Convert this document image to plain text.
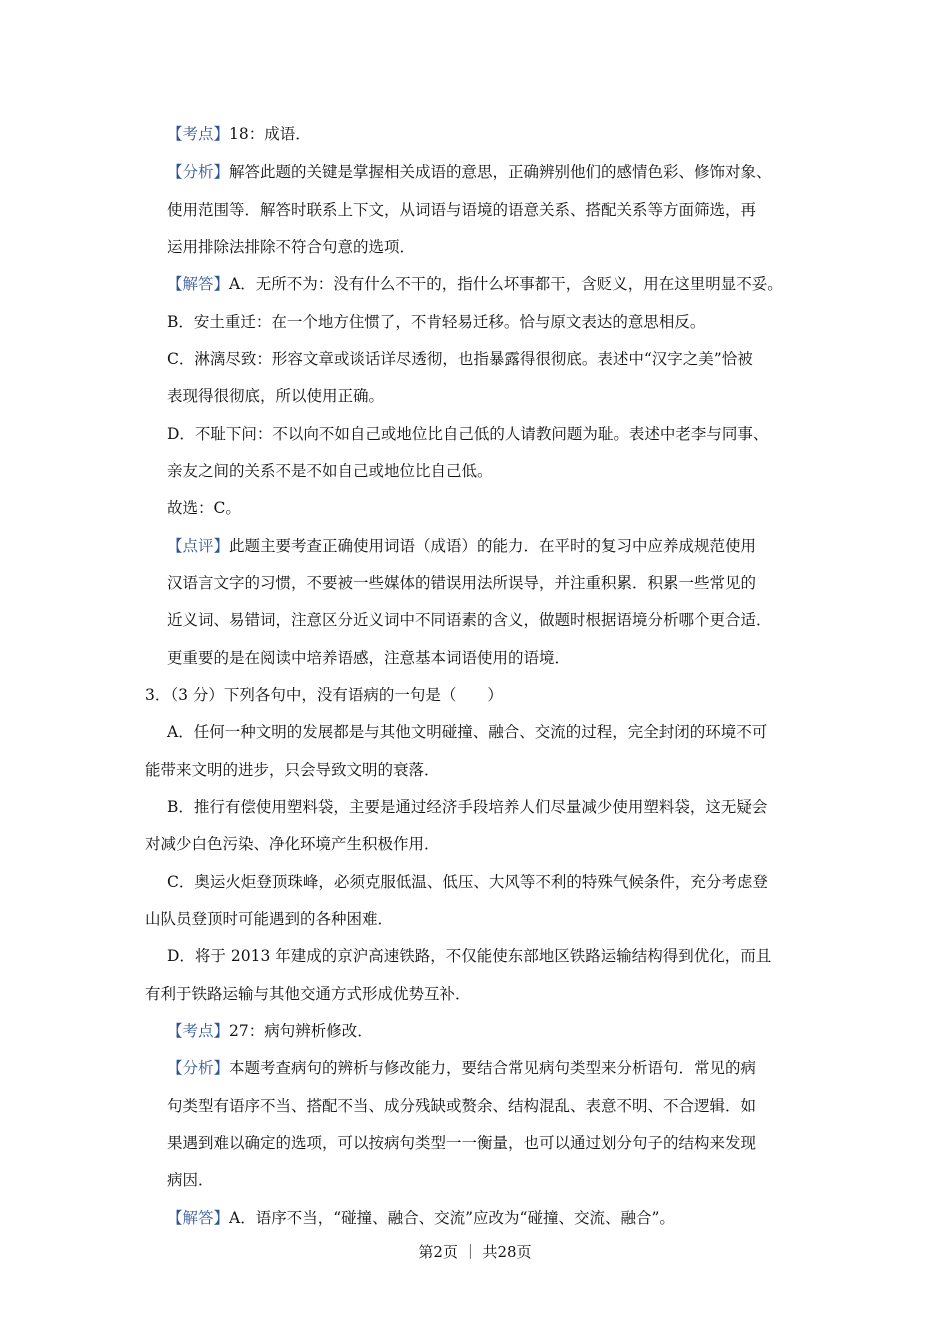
【考点】18：成语．
【分析】解答此题的关键是掌握相关成语的意思，正确辨别他们的感情色彩、修饰对象、
使用范围等．解答时联系上下文，从词语与语境的语意关系、搭配关系等方面筛选，再
运用排除法排除不符合句意的选项．
【解答】A．无所不为：没有什么不干的，指什么坏事都干，含贬义，用在这里明显不妥。
B．安土重迁：在一个地方住惯了，不肯轻易迁移。恰与原文表达的意思相反。
C．淋漓尽致：形容文章或谈话详尽透彻，也指暴露得很彻底。表述中“汉字之美”恰被
表现得很彻底，所以使用正确。
D．不耻下问：不以向不如自己或地位比自己低的人请教问题为耻。表述中老李与同事、
亲友之间的关系不是不如自己或地位比自己低。
故选：C。
【点评】此题主要考查正确使用词语（成语）的能力．在平时的复习中应养成规范使用
汉语言文字的习惯，不要被一些媒体的错误用法所误导，并注重积累．积累一些常见的
近义词、易错词，注意区分近义词中不同语素的含义，做题时根据语境分析哪个更合适．
更重要的是在阅读中培养语感，注意基本词语使用的语境．
3．（3 分）下列各句中，没有语病的一句是（　　）
A．任何一种文明的发展都是与其他文明碰撞、融合、交流的过程，完全封闭的环境不可
能带来文明的进步，只会导致文明的衰落．
B．推行有偿使用塑料袋，主要是通过经济手段培养人们尽量减少使用塑料袋，这无疑会
对减少白色污染、净化环境产生积极作用．
C．奥运火炬登顶珠峰，必须克服低温、低压、大风等不利的特殊气候条件，充分考虑登
山队员登顶时可能遇到的各种困难．
D．将于 2013 年建成的京沪高速铁路，不仅能使东部地区铁路运输结构得到优化，而且
有利于铁路运输与其他交通方式形成优势互补．
【考点】27：病句辨析修改．
【分析】本题考查病句的辨析与修改能力，要结合常见病句类型来分析语句．常见的病
句类型有语序不当、搭配不当、成分残缺或赘余、结构混乱、表意不明、不合逻辑．如
果遇到难以确定的选项，可以按病句类型一一衡量，也可以通过划分句子的结构来发现
病因．
【解答】A．语序不当，“碰撞、融合、交流”应改为“碰撞、交流、融合”。
第2页 ｜ 共28页
